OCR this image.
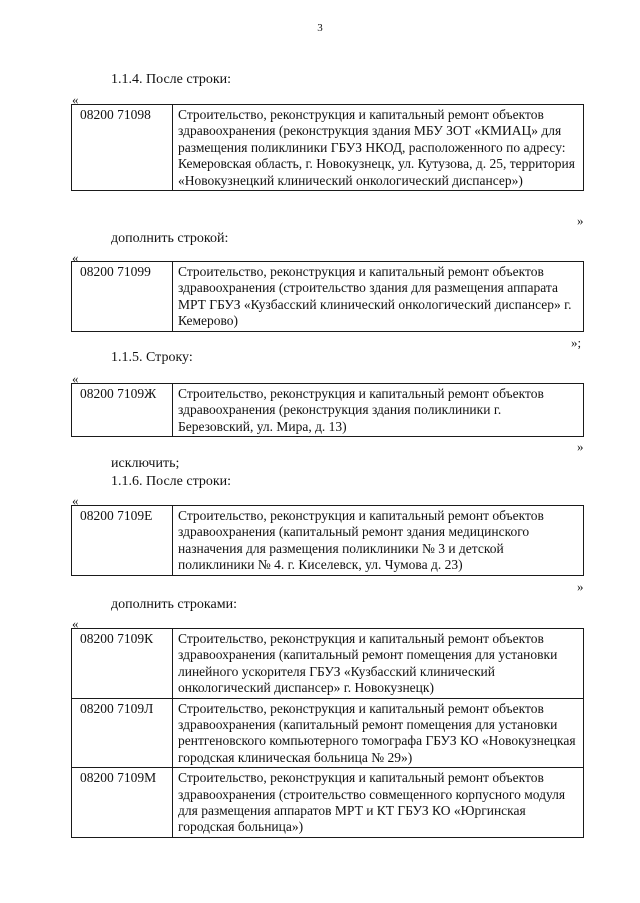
3
1.1.4. После строки:
«
08200 71098	Строительство, реконструкция и капитальный ремонт объектов здравоохранения (реконструкция здания МБУ ЗОТ «КМИАЦ» для размещения поликлиники ГБУЗ НКОД, расположенного по адресу: Кемеровская область, г. Новокузнецк, ул. Кутузова, д. 25, территория «Новокузнецкий клинический онкологический диспансер»)
»
дополнить строкой:
«
08200 71099	Строительство, реконструкция и капитальный ремонт объектов здравоохранения (строительство здания для размещения аппарата МРТ ГБУЗ «Кузбасский клинический онкологический диспансер» г. Кемерово)
»;
1.1.5. Строку:
«
08200 7109Ж	Строительство, реконструкция и капитальный ремонт объектов здравоохранения (реконструкция здания поликлиники г. Березовский, ул. Мира, д. 13)
»
исключить;
1.1.6. После строки:
«
08200 7109Е	Строительство, реконструкция и капитальный ремонт объектов здравоохранения (капитальный ремонт здания медицинского назначения для размещения поликлиники № 3 и детской поликлиники № 4. г. Киселевск, ул. Чумова д. 23)
»
дополнить строками:
«
08200 7109К	Строительство, реконструкция и капитальный ремонт объектов здравоохранения (капитальный ремонт помещения для установки линейного ускорителя ГБУЗ «Кузбасский клинический онкологический диспансер» г. Новокузнецк)
08200 7109Л	Строительство, реконструкция и капитальный ремонт объектов здравоохранения (капитальный ремонт помещения для установки рентгеновского компьютерного томографа ГБУЗ КО «Новокузнецкая городская клиническая больница № 29»)
08200 7109М	Строительство, реконструкция и капитальный ремонт объектов здравоохранения (строительство совмещенного корпусного модуля для размещения аппаратов МРТ и КТ ГБУЗ КО «Юргинская городская больница»)
